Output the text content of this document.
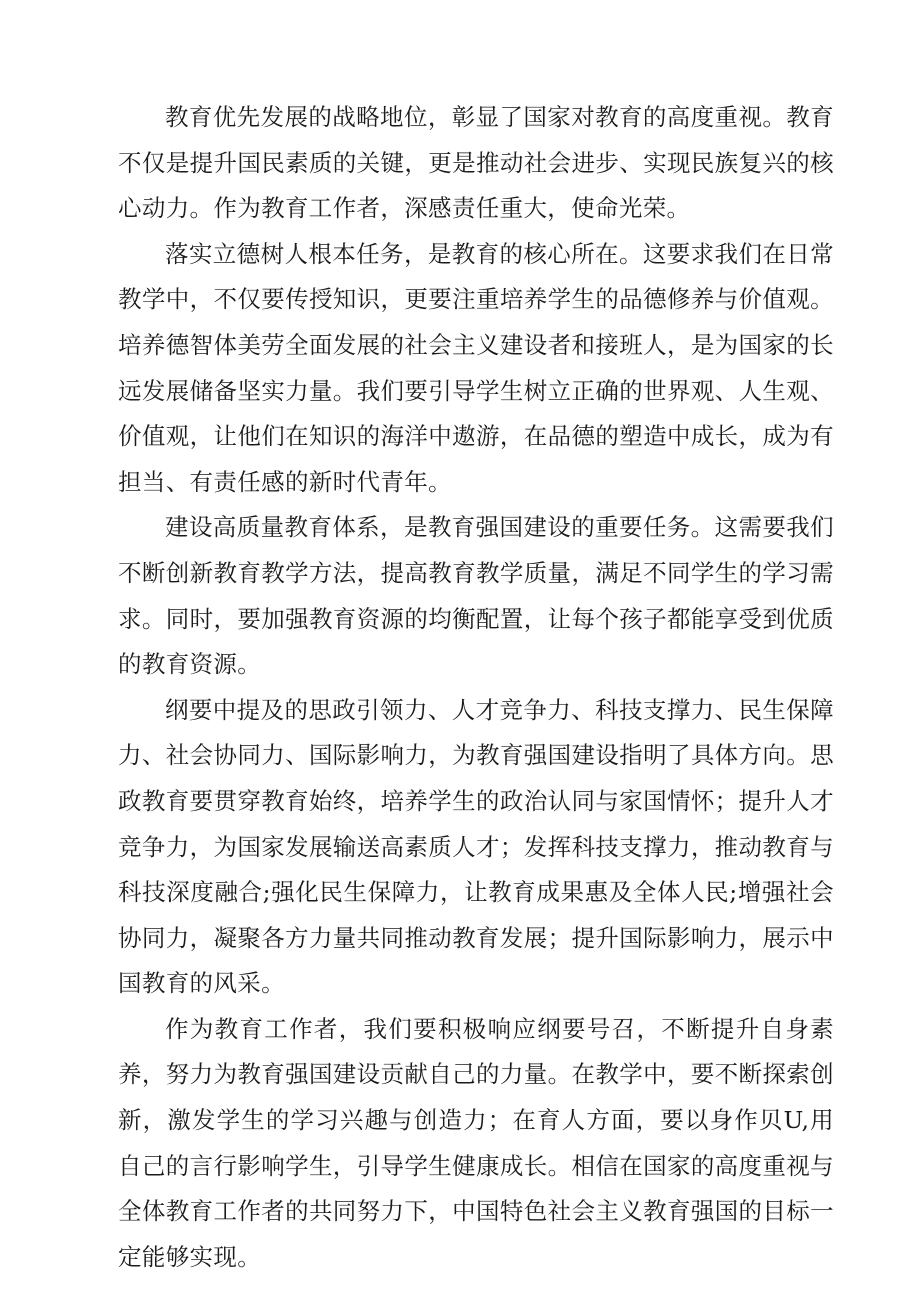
教育优先发展的战略地位，彰显了国家对教育的高度重视。教育不仅是提升国民素质的关键，更是推动社会进步、实现民族复兴的核心动力。作为教育工作者，深感责任重大，使命光荣。

落实立德树人根本任务，是教育的核心所在。这要求我们在日常教学中，不仅要传授知识，更要注重培养学生的品德修养与价值观。培养德智体美劳全面发展的社会主义建设者和接班人，是为国家的长远发展储备坚实力量。我们要引导学生树立正确的世界观、人生观、价值观，让他们在知识的海洋中遨游，在品德的塑造中成长，成为有担当、有责任感的新时代青年。

建设高质量教育体系，是教育强国建设的重要任务。这需要我们不断创新教育教学方法，提高教育教学质量，满足不同学生的学习需求。同时，要加强教育资源的均衡配置，让每个孩子都能享受到优质的教育资源。

纲要中提及的思政引领力、人才竞争力、科技支撑力、民生保障力、社会协同力、国际影响力，为教育强国建设指明了具体方向。思政教育要贯穿教育始终，培养学生的政治认同与家国情怀；提升人才竞争力，为国家发展输送高素质人才；发挥科技支撑力，推动教育与科技深度融合;强化民生保障力，让教育成果惠及全体人民;增强社会协同力，凝聚各方力量共同推动教育发展；提升国际影响力，展示中国教育的风采。

作为教育工作者，我们要积极响应纲要号召，不断提升自身素养，努力为教育强国建设贡献自己的力量。在教学中，要不断探索创新，激发学生的学习兴趣与创造力；在育人方面，要以身作贝U,用自己的言行影响学生，引导学生健康成长。相信在国家的高度重视与全体教育工作者的共同努力下，中国特色社会主义教育强国的目标一定能够实现。
